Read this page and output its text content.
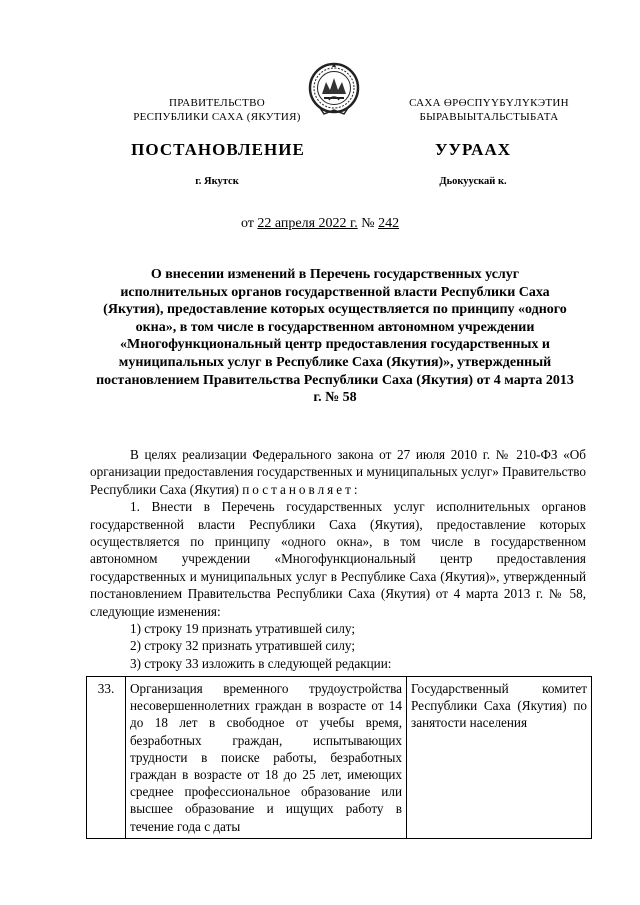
ПРАВИТЕЛЬСТВО
РЕСПУБЛИКИ САХА (ЯКУТИЯ)
САХА ӨРӨСПҮҮБҮЛҮКЭТИН
БЫРАВЫЫТАЛЬСТЫБАТА
ПОСТАНОВЛЕНИЕ	УУРААХ
г. Якутск	Дьокуускай к.
от 22 апреля 2022 г. № 242
О внесении изменений в Перечень государственных услуг исполнительных органов государственной власти Республики Саха (Якутия), предоставление которых осуществляется по принципу «одного окна», в том числе в государственном автономном учреждении «Многофункциональный центр предоставления государственных и муниципальных услуг в Республике Саха (Якутия)», утвержденный постановлением Правительства Республики Саха (Якутия) от 4 марта 2013 г. № 58

В целях реализации Федерального закона от 27 июля 2010 г. № 210-ФЗ «Об организации предоставления государственных и муниципальных услуг» Правительство Республики Саха (Якутия) постановляет:

1. Внести в Перечень государственных услуг исполнительных органов государственной власти Республики Саха (Якутия), предоставление которых осуществляется по принципу «одного окна», в том числе в государственном автономном учреждении «Многофункциональный центр предоставления государственных и муниципальных услуг в Республике Саха (Якутия)», утвержденный постановлением Правительства Республики Саха (Якутия) от 4 марта 2013 г. № 58, следующие изменения:

1) строку 19 признать утратившей силу;

2) строку 32 признать утратившей силу;

3) строку 33 изложить в следующей редакции:

33.	Организация временного трудоустройства несовершеннолетних граждан в возрасте от 14 до 18 лет в свободное от учебы время, безработных граждан, испытывающих трудности в поиске работы, безработных граждан в возрасте от 18 до 25 лет, имеющих среднее профессиональное образование или высшее образование и ищущих работу в течение года с даты	Государственный комитет Республики Саха (Якутия) по занятости населения
